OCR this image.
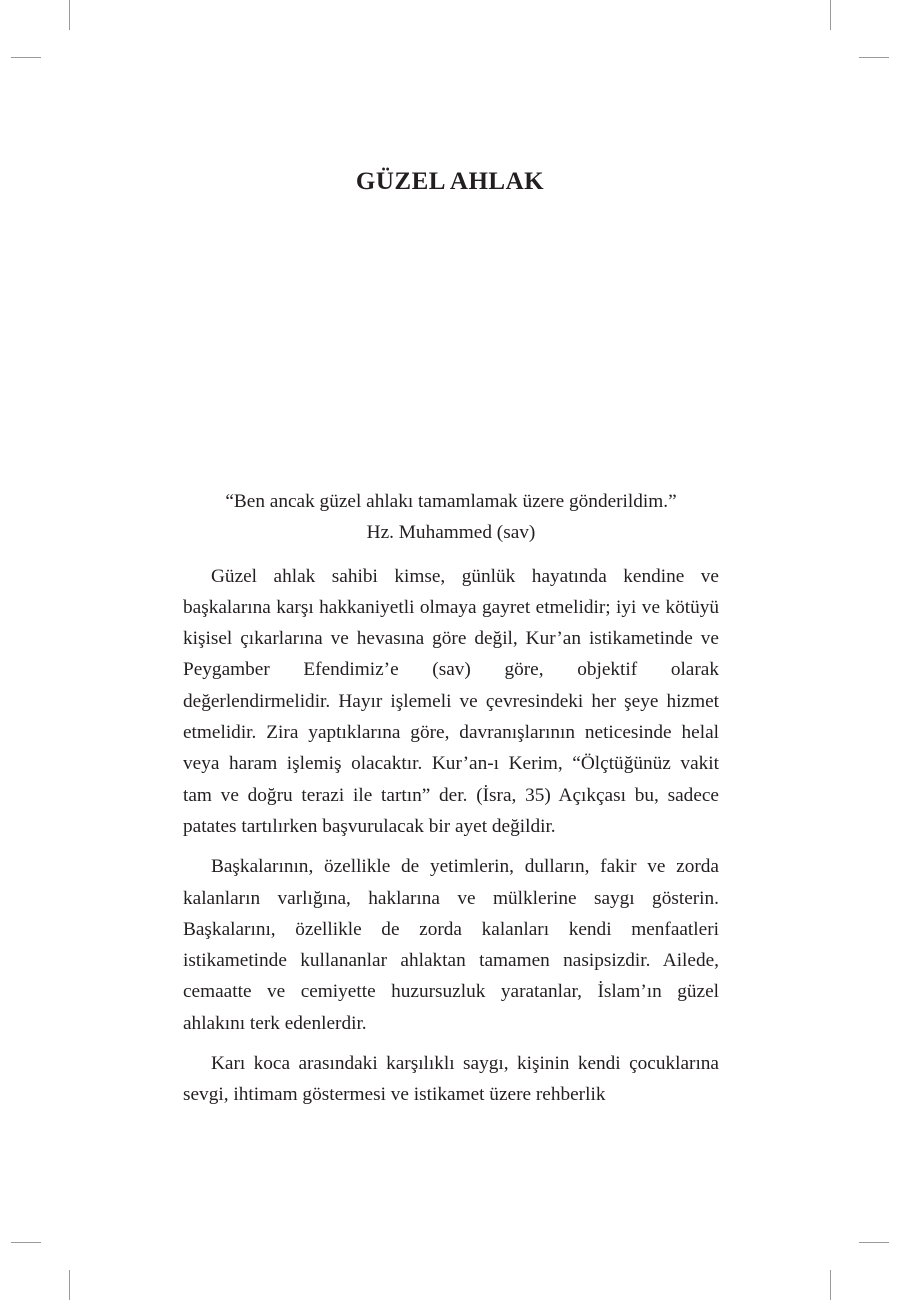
GÜZEL AHLAK
“Ben ancak güzel ahlakı tamamlamak üzere gönderildim.”
Hz. Muhammed (sav)

Güzel ahlak sahibi kimse, günlük hayatında kendine ve başkalarına karşı hakkaniyetli olmaya gayret etmelidir; iyi ve kötüyü kişisel çıkarlarına ve hevasına göre değil, Kur’an istikametinde ve Peygamber Efendimiz’e (sav) göre, objektif olarak değerlendirmelidir. Hayır işlemeli ve çevresindeki her şeye hizmet etmelidir. Zira yaptıklarına göre, davranışlarının neticesinde helal veya haram işlemiş olacaktır. Kur’an-ı Kerim, “Ölçtüğünüz vakit tam ve doğru terazi ile tartın” der. (İsra, 35) Açıkçası bu, sadece patates tartılırken başvurulacak bir ayet değildir.

Başkalarının, özellikle de yetimlerin, dulların, fakir ve zorda kalanların varlığına, haklarına ve mülklerine saygı gösterin. Başkalarını, özellikle de zorda kalanları kendi menfaatleri istikametinde kullananlar ahlaktan tamamen nasipsizdir. Ailede, cemaatte ve cemiyette huzursuzluk yaratanlar, İslam’ın güzel ahlakını terk edenlerdir.

Karı koca arasındaki karşılıklı saygı, kişinin kendi çocuklarına sevgi, ihtimam göstermesi ve istikamet üzere rehberlik
